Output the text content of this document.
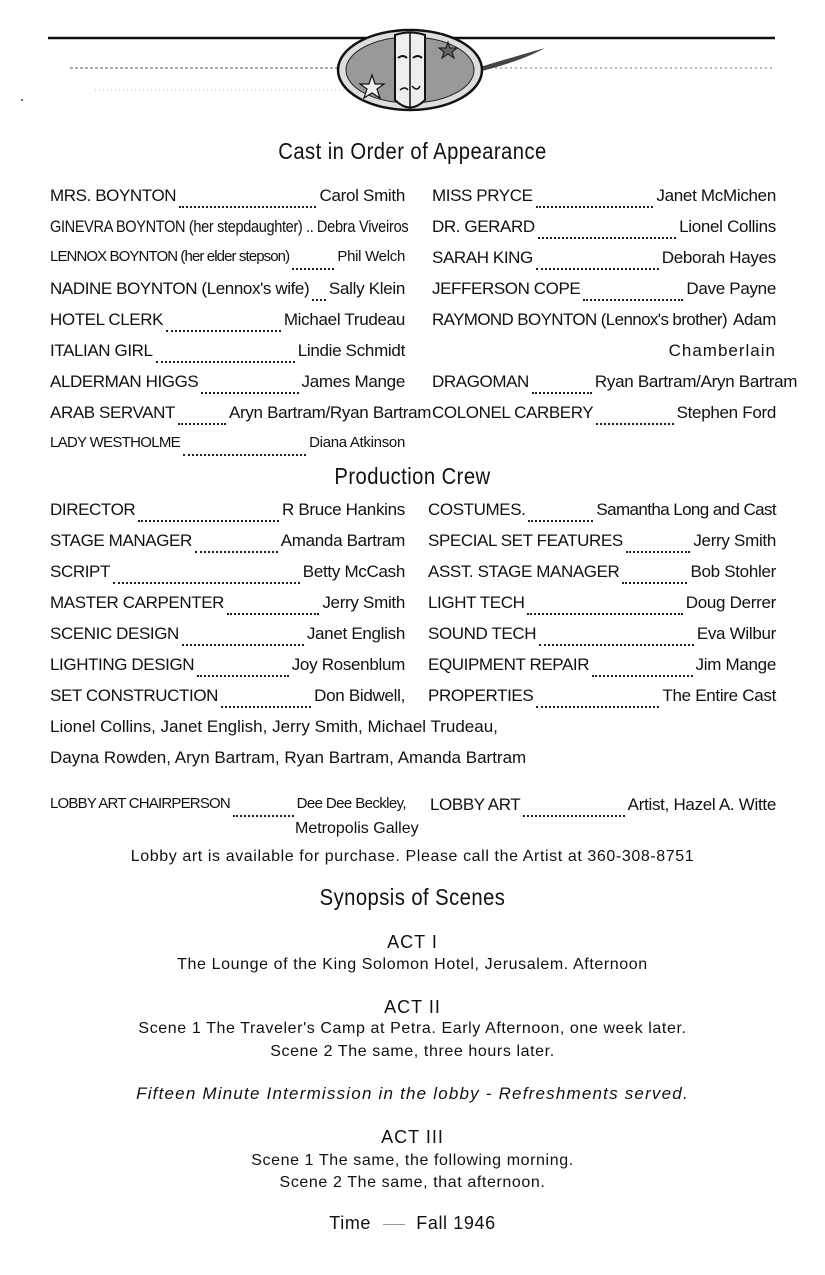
Cast in Order of Appearance
MRS. BOYNTON	Carol Smith
GINEVRA BOYNTON (her stepdaughter) .. Debra Viveiros
LENNOX BOYNTON (her elder stepson)	Phil Welch
NADINE BOYNTON (Lennox's wife) Sally Klein
HOTEL CLERK	Michael Trudeau
ITALIAN GIRL	Lindie Schmidt
ALDERMAN HIGGS	James Mange
ARAB SERVANT	Aryn Bartram/Ryan Bartram
LADY WESTHOLME	Diana Atkinson
MISS PRYCE	Janet McMichen
DR. GERARD	Lionel Collins
SARAH KING	Deborah Hayes
JEFFERSON COPE	Dave Payne
RAYMOND BOYNTON (Lennox's brother) Adam
Chamberlain
DRAGOMAN	Ryan Bartram/Aryn Bartram
COLONEL CARBERY	Stephen Ford
Production Crew
DIRECTOR	R Bruce Hankins
STAGE MANAGER	Amanda Bartram
SCRIPT	Betty McCash
MASTER CARPENTER	Jerry Smith
SCENIC DESIGN	Janet English
LIGHTING DESIGN	Joy Rosenblum
SET CONSTRUCTION	Don Bidwell,
Lionel Collins, Janet English, Jerry Smith, Michael Trudeau,
Dayna Rowden, Aryn Bartram, Ryan Bartram, Amanda Bartram
COSTUMES.	Samantha Long and Cast
SPECIAL SET FEATURES	Jerry Smith
ASST. STAGE MANAGER	Bob Stohler
LIGHT TECH	Doug Derrer
SOUND TECH	Eva Wilbur
EQUIPMENT REPAIR	Jim Mange
PROPERTIES	The Entire Cast
LOBBY ART CHAIRPERSON	Dee Dee Beckley,
Metropolis Galley
LOBBY ART	Artist, Hazel A. Witte
Lobby art is available for purchase. Please call the Artist at 360-308-8751
Synopsis of Scenes
ACT I
The Lounge of the King Solomon Hotel, Jerusalem. Afternoon
ACT II
Scene 1 The Traveler's Camp at Petra. Early Afternoon, one week later.
Scene 2 The same, three hours later.
Fifteen Minute Intermission in the lobby - Refreshments served.
ACT III
Scene 1 The same, the following morning.
Scene 2 The same, that afternoon.
Time	Fall 1946
